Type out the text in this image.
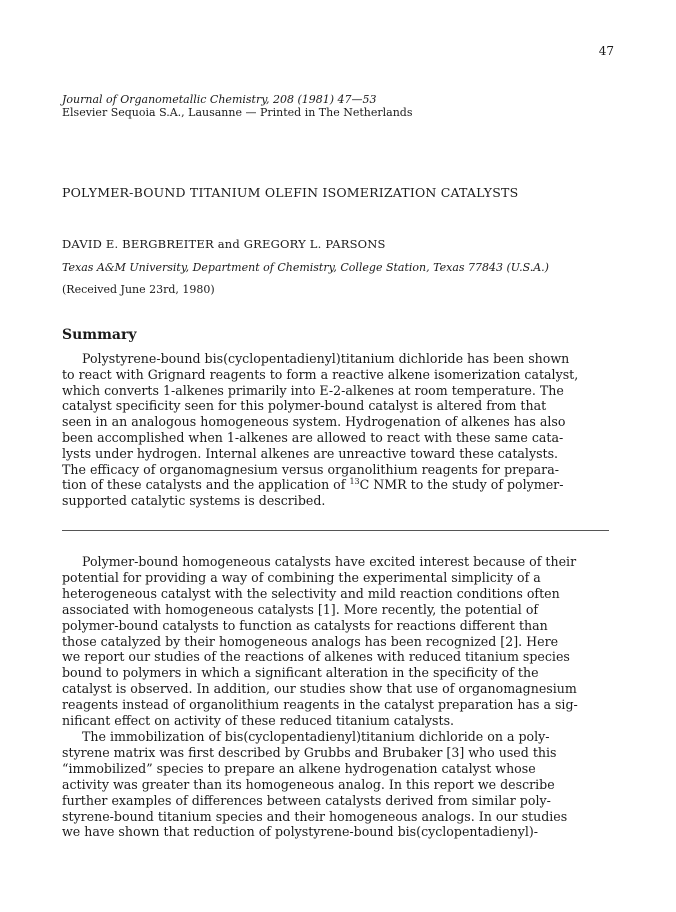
47
Journal of Organometallic Chemistry, 208 (1981) 47—53
Elsevier Sequoia S.A., Lausanne — Printed in The Netherlands
POLYMER-BOUND TITANIUM OLEFIN ISOMERIZATION CATALYSTS
DAVID E. BERGBREITER and GREGORY L. PARSONS
Texas A&M University, Department of Chemistry, College Station, Texas 77843 (U.S.A.)
(Received June 23rd, 1980)
Summary
Polystyrene-bound bis(cyclopentadienyl)titanium dichloride has been shown
to react with Grignard reagents to form a reactive alkene isomerization catalyst,
which converts 1-alkenes primarily into E-2-alkenes at room temperature. The
catalyst specificity seen for this polymer-bound catalyst is altered from that
seen in an analogous homogeneous system. Hydrogenation of alkenes has also
been accomplished when 1-alkenes are allowed to react with these same cata-
lysts under hydrogen. Internal alkenes are unreactive toward these catalysts.
The efficacy of organomagnesium versus organolithium reagents for prepara-
tion of these catalysts and the application of $^{13}$C NMR to the study of polymer-
supported catalytic systems is described.
Polymer-bound homogeneous catalysts have excited interest because of their
potential for providing a way of combining the experimental simplicity of a
heterogeneous catalyst with the selectivity and mild reaction conditions often
associated with homogeneous catalysts [1]. More recently, the potential of
polymer-bound catalysts to function as catalysts for reactions different than
those catalyzed by their homogeneous analogs has been recognized [2]. Here
we report our studies of the reactions of alkenes with reduced titanium species
bound to polymers in which a significant alteration in the specificity of the
catalyst is observed. In addition, our studies show that use of organomagnesium
reagents instead of organolithium reagents in the catalyst preparation has a sig-
nificant effect on activity of these reduced titanium catalysts.
The immobilization of bis(cyclopentadienyl)titanium dichloride on a poly-
styrene matrix was first described by Grubbs and Brubaker [3] who used this
“immobilized” species to prepare an alkene hydrogenation catalyst whose
activity was greater than its homogeneous analog. In this report we describe
further examples of differences between catalysts derived from similar poly-
styrene-bound titanium species and their homogeneous analogs. In our studies
we have shown that reduction of polystyrene-bound bis(cyclopentadienyl)-
